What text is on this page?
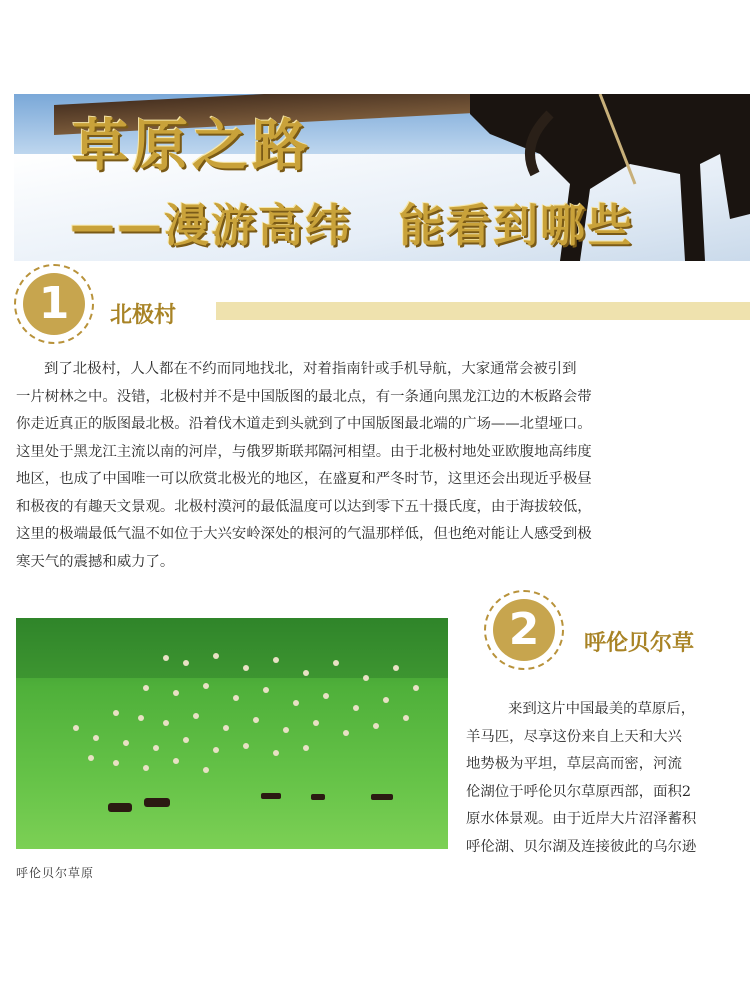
草原之路
——漫游高纬　能看到哪些
1	北极村
到了北极村，人人都在不约而同地找北，对着指南针或手机导航，大家通常会被引到
一片树林之中。没错，北极村并不是中国版图的最北点，有一条通向黑龙江边的木板路会带
你走近真正的版图最北极。沿着伐木道走到头就到了中国版图最北端的广场——北望垭口。
这里处于黑龙江主流以南的河岸，与俄罗斯联邦隔河相望。由于北极村地处亚欧腹地高纬度
地区，也成了中国唯一可以欣赏北极光的地区，在盛夏和严冬时节，这里还会出现近乎极昼
和极夜的有趣天文景观。北极村漠河的最低温度可以达到零下五十摄氏度，由于海拔较低，
这里的极端最低气温不如位于大兴安岭深处的根河的气温那样低，但也绝对能让人感受到极
寒天气的震撼和威力了。
呼伦贝尔草原
2	呼伦贝尔草
来到这片中国最美的草原后，
羊马匹，尽享这份来自上天和大兴
地势极为平坦，草层高而密，河流
伦湖位于呼伦贝尔草原西部，面积2
原水体景观。由于近岸大片沼泽蓄积
呼伦湖、贝尔湖及连接彼此的乌尔逊
